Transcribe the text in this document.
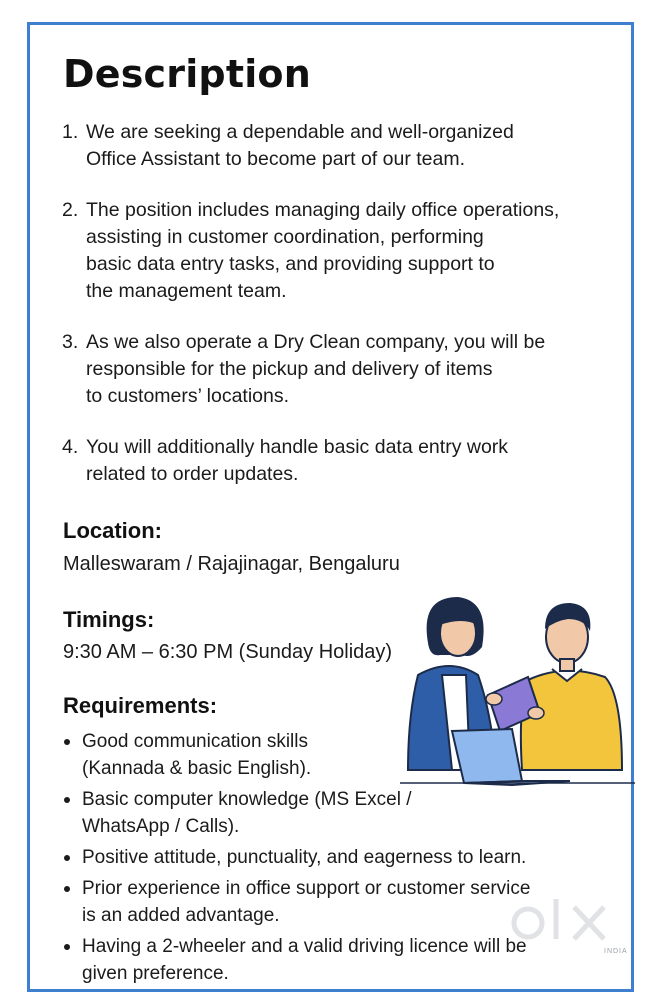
Description
1. We are seeking a dependable and well-organized
Office Assistant to become part of our team.
2. The position includes managing daily office operations,
assisting in customer coordination, performing
basic data entry tasks, and providing support to
the management team.
3. As we also operate a Dry Clean company, you will be
responsible for the pickup and delivery of items
to customers’ locations.
4. You will additionally handle basic data entry work
related to order updates.
Location:

Malleswaram / Rajajinagar, Bengaluru

Timings:

9:30 AM – 6:30 PM (Sunday Holiday)

Requirements:
Good communication skills
(Kannada & basic English).
Basic computer knowledge (MS Excel /
WhatsApp / Calls).
Positive attitude, punctuality, and eagerness to learn.
Prior experience in office support or customer service
is an added advantage.
Having a 2-wheeler and a valid driving licence will be
given preference.
INDIA
